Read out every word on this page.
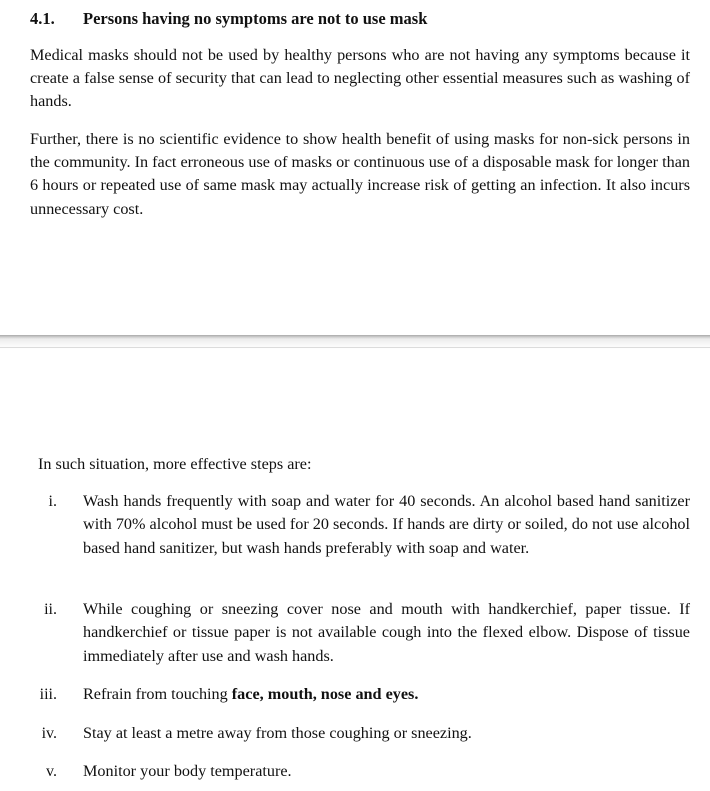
4.1. Persons having no symptoms are not to use mask

Medical masks should not be used by healthy persons who are not having any symptoms because it create a false sense of security that can lead to neglecting other essential measures such as washing of hands.

Further, there is no scientific evidence to show health benefit of using masks for non-sick persons in the community. In fact erroneous use of masks or continuous use of a disposable mask for longer than 6 hours or repeated use of same mask may actually increase risk of getting an infection. It also incurs unnecessary cost.

In such situation, more effective steps are:
i. Wash hands frequently with soap and water for 40 seconds. An alcohol based hand sanitizer with 70% alcohol must be used for 20 seconds. If hands are dirty or soiled, do not use alcohol based hand sanitizer, but wash hands preferably with soap and water.

ii. While coughing or sneezing cover nose and mouth with handkerchief, paper tissue. If handkerchief or tissue paper is not available cough into the flexed elbow. Dispose of tissue immediately after use and wash hands.

iii. Refrain from touching face, mouth, nose and eyes.

iv. Stay at least a metre away from those coughing or sneezing.

v. Monitor your body temperature.
